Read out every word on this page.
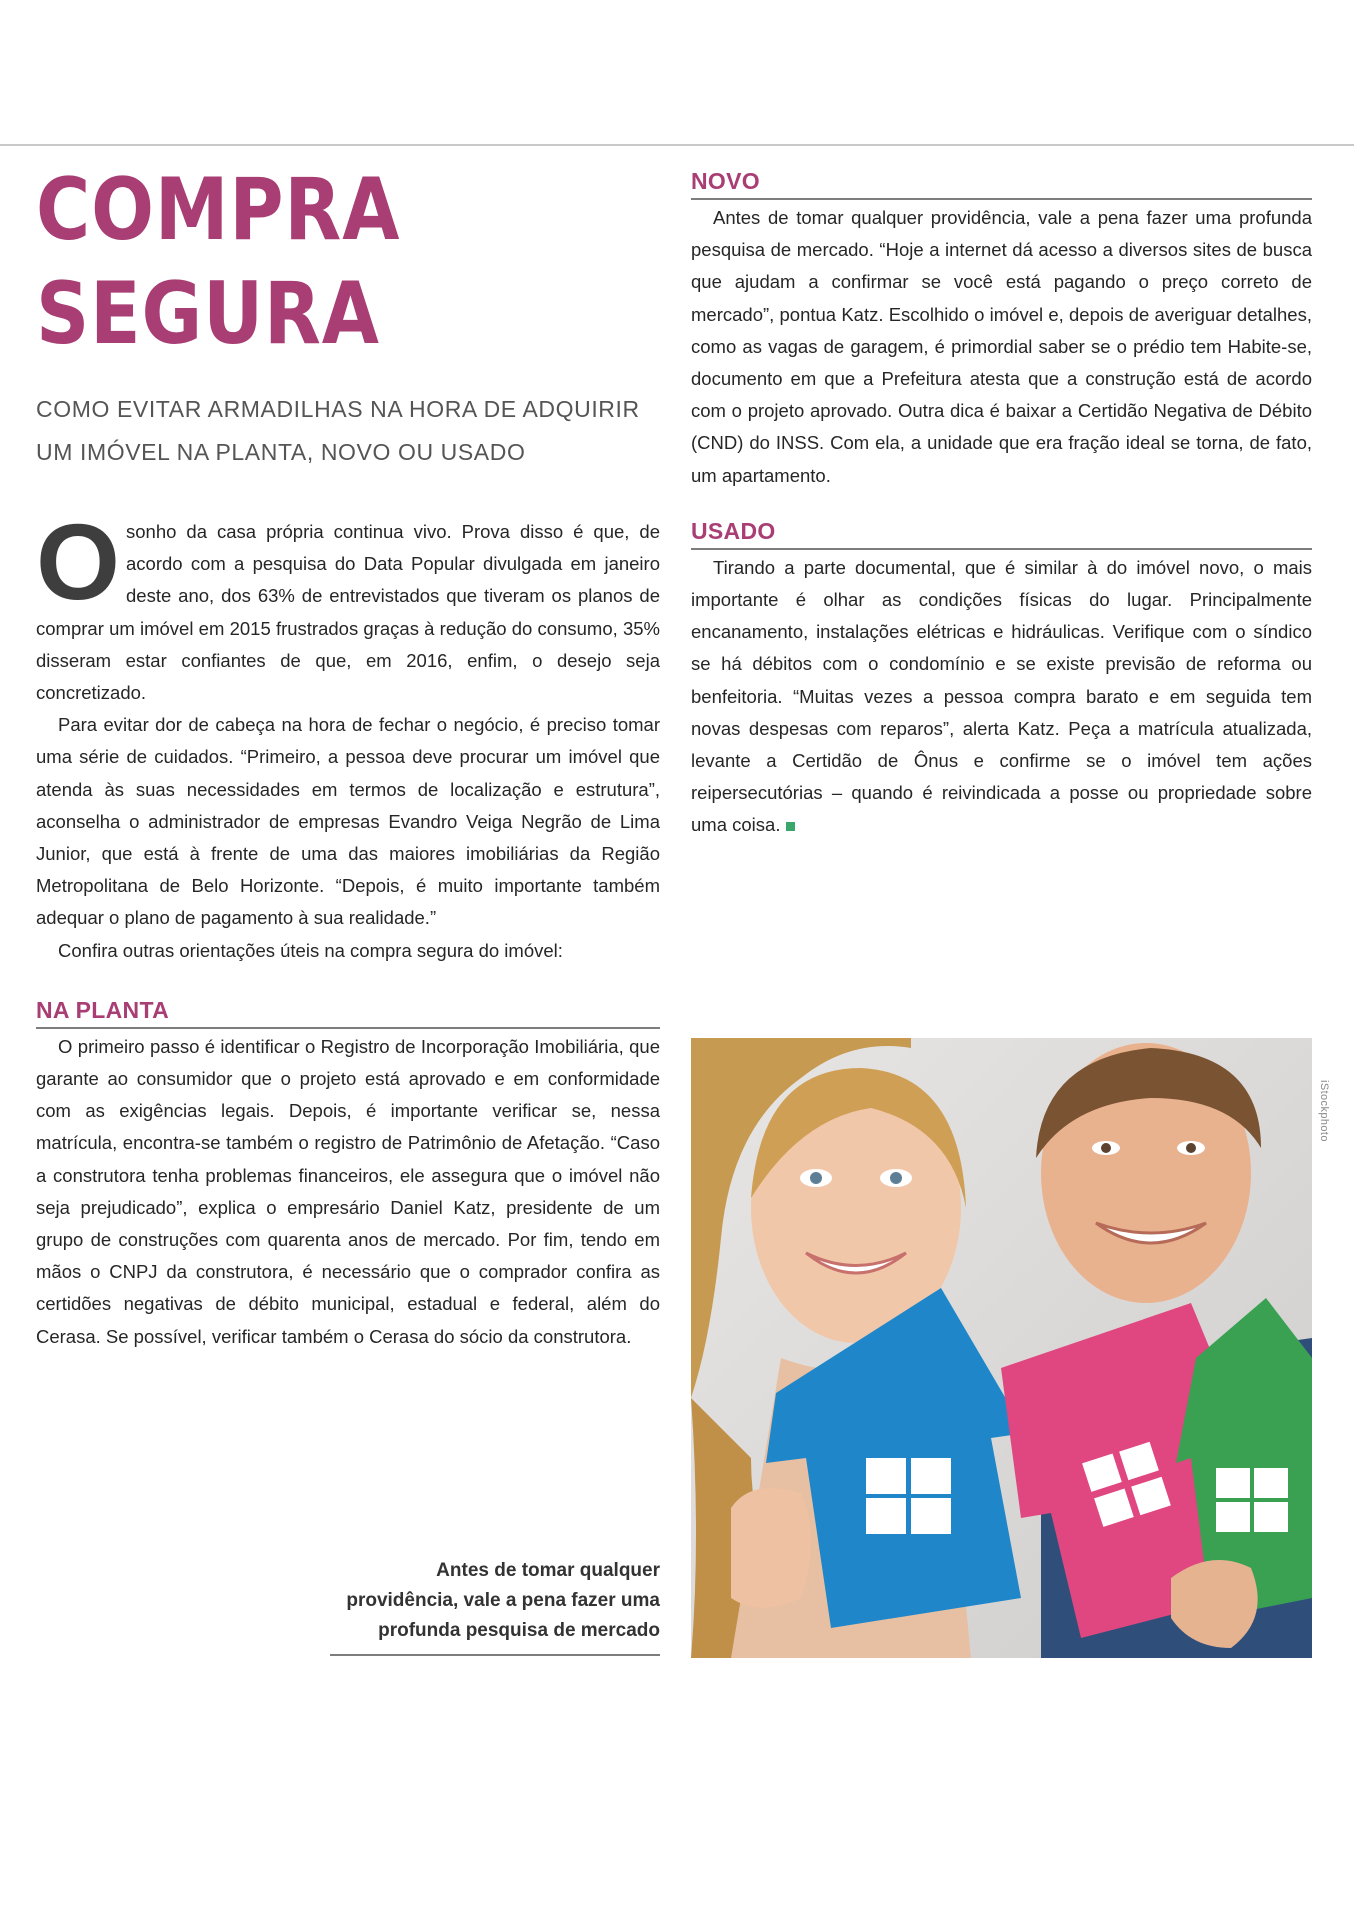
COMPRA
SEGURA
COMO EVITAR ARMADILHAS NA HORA DE ADQUIRIR
UM IMÓVEL NA PLANTA, NOVO OU USADO

Osonho da casa própria continua vivo. Prova disso é que, de acordo com a pesquisa do Data Popular divulgada em janeiro deste ano, dos 63% de entrevistados que tiveram os planos de comprar um imóvel em 2015 frustrados graças à redução do consumo, 35% disseram estar confiantes de que, em 2016, enfim, o desejo seja concretizado.

Para evitar dor de cabeça na hora de fechar o negócio, é preciso tomar uma série de cuidados. “Primeiro, a pessoa deve procurar um imóvel que atenda às suas necessidades em termos de localização e estrutura”, aconselha o administrador de empresas Evandro Veiga Negrão de Lima Junior, que está à frente de uma das maiores imobiliárias da Região Metropolitana de Belo Horizonte. “Depois, é muito importante também adequar o plano de pagamento à sua realidade.”

Confira outras orientações úteis na compra segura do imóvel:

NA PLANTA

O primeiro passo é identificar o Registro de Incorporação Imobiliária, que garante ao consumidor que o projeto está aprovado e em conformidade com as exigências legais. Depois, é importante verificar se, nessa matrícula, encontra-se também o registro de Patrimônio de Afetação. “Caso a construtora tenha problemas financeiros, ele assegura que o imóvel não seja prejudicado”, explica o empresário Daniel Katz, presidente de um grupo de construções com quarenta anos de mercado. Por fim, tendo em mãos o CNPJ da construtora, é necessário que o comprador confira as certidões negativas de débito municipal, estadual e federal, além do Cerasa. Se possível, verificar também o Cerasa do sócio da construtora.

NOVO

Antes de tomar qualquer providência, vale a pena fazer uma profunda pesquisa de mercado. “Hoje a internet dá acesso a diversos sites de busca que ajudam a confirmar se você está pagando o preço correto de mercado”, pontua Katz. Escolhido o imóvel e, depois de averiguar detalhes, como as vagas de garagem, é primordial saber se o prédio tem Habite-se, documento em que a Prefeitura atesta que a construção está de acordo com o projeto aprovado. Outra dica é baixar a Certidão Negativa de Débito (CND) do INSS. Com ela, a unidade que era fração ideal se torna, de fato, um apartamento.

USADO

Tirando a parte documental, que é similar à do imóvel novo, o mais importante é olhar as condições físicas do lugar. Principalmente encanamento, instalações elétricas e hidráulicas. Verifique com o síndico se há débitos com o condomínio e se existe previsão de reforma ou benfeitoria. “Muitas vezes a pessoa compra barato e em seguida tem novas despesas com reparos”, alerta Katz. Peça a matrícula atualizada, levante a Certidão de Ônus e confirme se o imóvel tem ações reipersecutórias – quando é reivindicada a posse ou propriedade sobre uma coisa.

Antes de tomar qualquer providência, vale a pena fazer uma profunda pesquisa de mercado

iStockphoto
